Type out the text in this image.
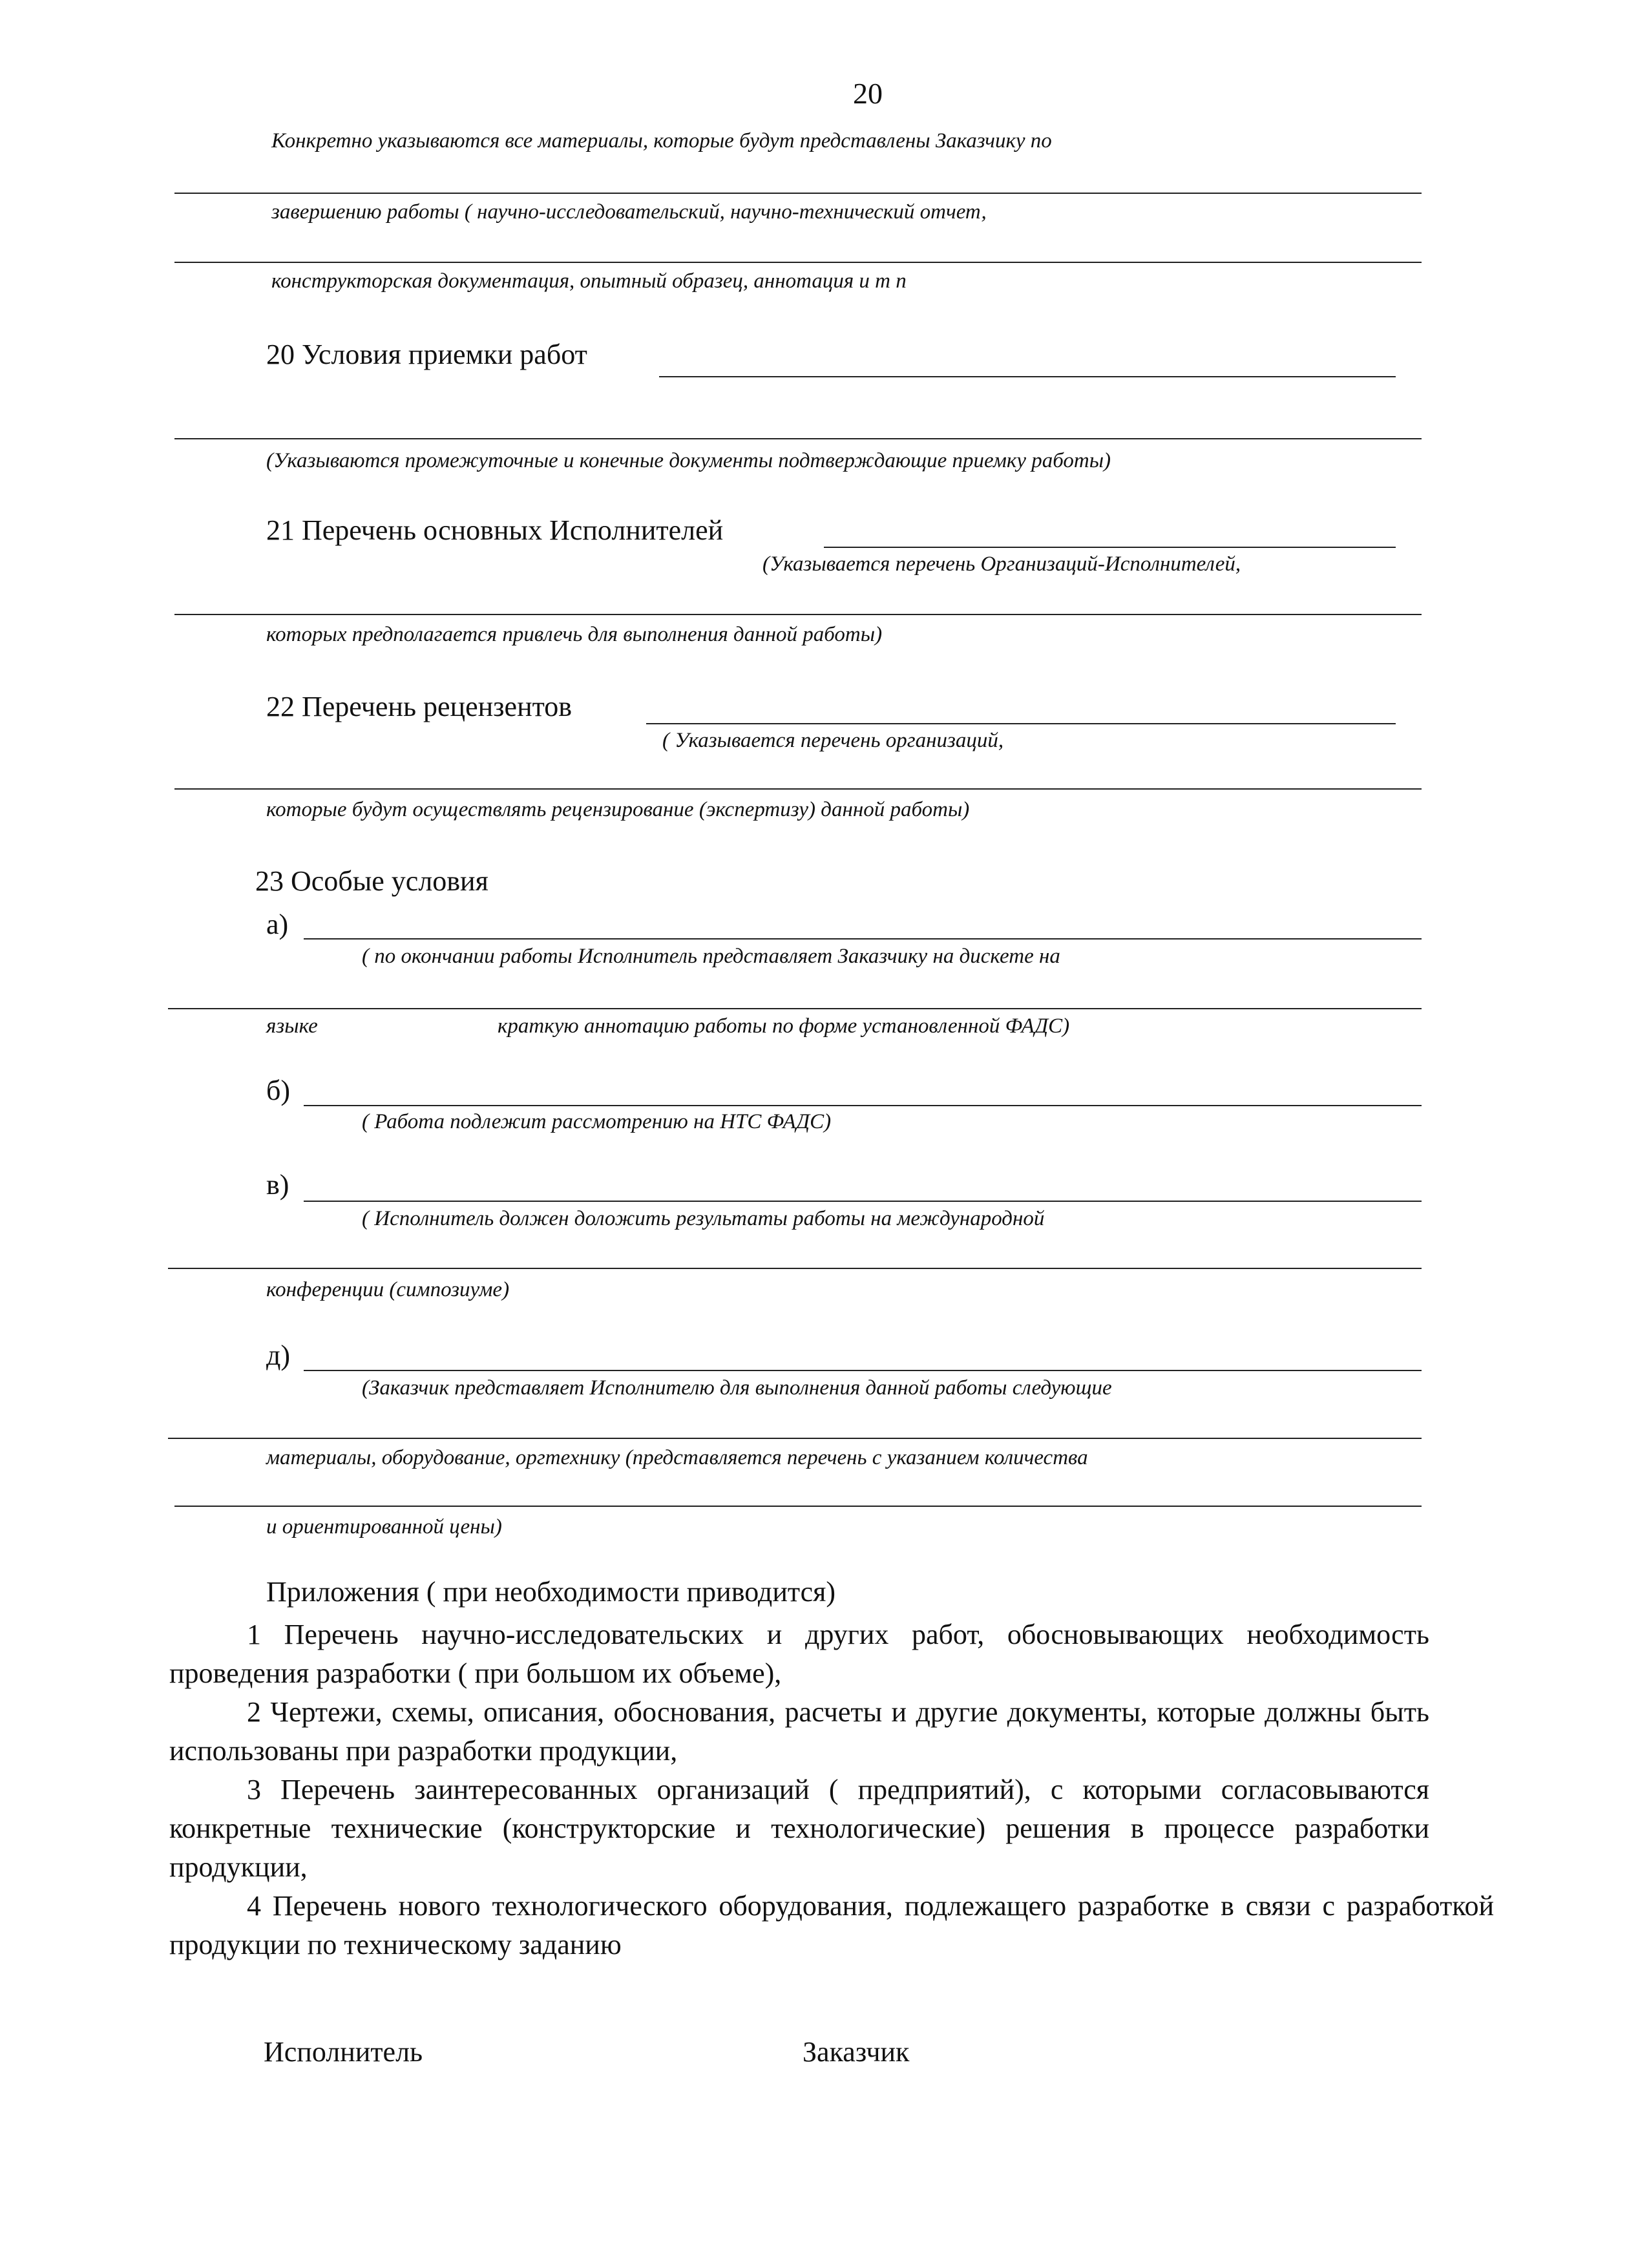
20
Конкретно указываются все материалы, которые будут представлены Заказчику по
завершению работы ( научно-исследовательский, научно-технический отчет,
конструкторская документация, опытный образец, аннотация и т п
20 Условия приемки работ
(Указываются промежуточные и конечные документы подтверждающие приемку работы)
21 Перечень основных Исполнителей
(Указывается перечень Организаций-Исполнителей,
которых предполагается привлечь для выполнения данной работы)
22 Перечень рецензентов
( Указывается перечень организаций,
которые будут осуществлять рецензирование (экспертизу) данной работы)
23 Особые условия
а)
( по окончании работы Исполнитель представляет Заказчику на дискете на
языке	краткую аннотацию работы по форме установленной ФАДС)
б)
( Работа подлежит рассмотрению на НТС ФАДС)
в)
( Исполнитель должен доложить результаты работы на международной
конференции (симпозиуме)
д)
(Заказчик представляет Исполнителю для выполнения данной работы следующие
материалы, оборудование, оргтехнику (представляется перечень с указанием количества
и ориентированной цены)
Приложения ( при необходимости приводится)
1 Перечень научно-исследовательских и других работ, обосновывающих необходимость проведения разработки ( при большом их объеме),
2 Чертежи, схемы, описания, обоснования, расчеты и другие документы, которые должны быть использованы при разработки продукции,
3 Перечень заинтересованных организаций ( предприятий), с которыми согласовываются конкретные технические (конструкторские и технологические) решения в процессе разработки продукции,
4 Перечень нового технологического оборудования, подлежащего разработке в связи с разработкой продукции по техническому заданию
Исполнитель	Заказчик
